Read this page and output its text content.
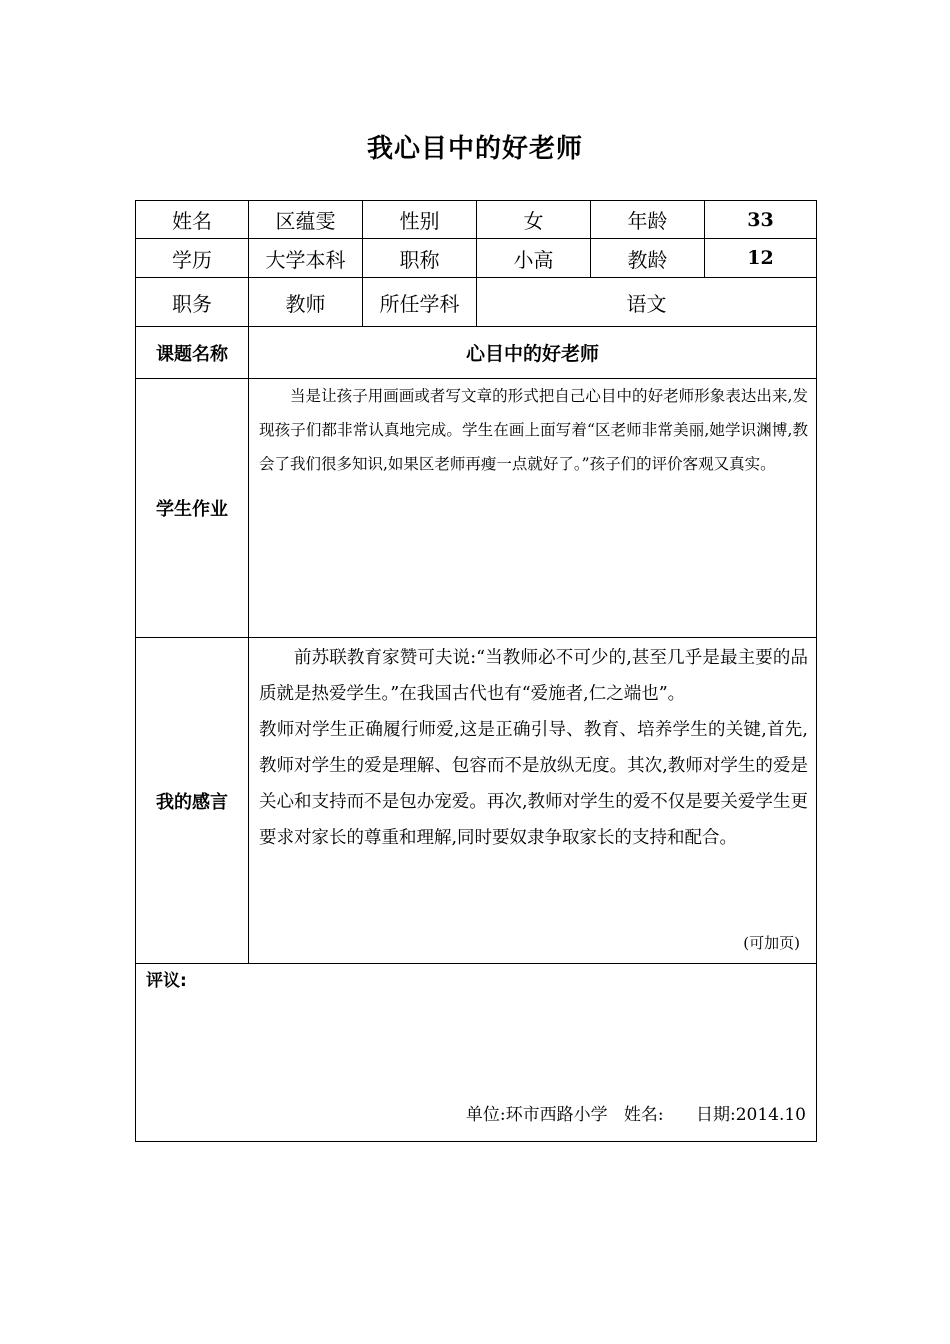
我心目中的好老师
姓名	区蕴雯	性别	女	年龄	33
学历	大学本科	职称	小高	教龄	12
职务	教师	所任学科	语文		
课题名称	心目中的好老师				
学生作业	当是让孩子用画画或者写文章的形式把自己心目中的好老师形象表达出来,发现孩子们都非常认真地完成。学生在画上面写着“区老师非常美丽,她学识渊博,教会了我们很多知识,如果区老师再瘦一点就好了。”孩子们的评价客观又真实。				

我的感言	前苏联教育家赞可夫说:“当教师必不可少的,甚至几乎是最主要的品质就是热爱学生。”在我国古代也有“爱施者,仁之端也”。

教师对学生正确履行师爱,这是正确引导、教育、培养学生的关键,首先,教师对学生的爱是理解、包容而不是放纵无度。其次,教师对学生的爱是关心和支持而不是包办宠爱。再次,教师对学生的爱不仅是要关爱学生更要求对家长的尊重和理解,同时要奴隶争取家长的支持和配合。

(可加页)				

评议:
单位:环市西路小学   姓名:      日期:2014.10					
